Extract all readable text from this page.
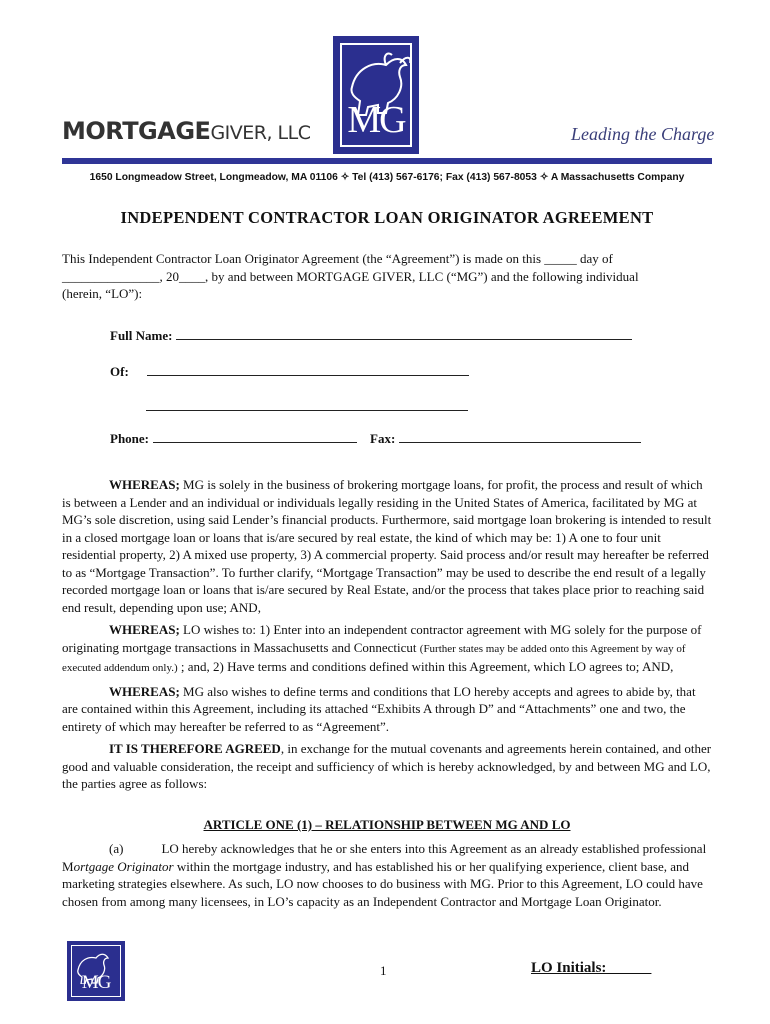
MG
MORTGAGEGIVER, LLC	Leading the Charge
1650 Longmeadow Street, Longmeadow, MA 01106 ✧ Tel (413) 567-6176; Fax (413) 567-8053 ✧ A Massachusetts Company
INDEPENDENT CONTRACTOR LOAN ORIGINATOR AGREEMENT
This Independent Contractor Loan Originator Agreement (the “Agreement”) is made on this _____ day of
_______________, 20____, by and between MORTGAGE GIVER, LLC (“MG”) and the following individual
(herein, “LO”):
Full Name:
Of:
Phone:	Fax:

WHEREAS; MG is solely in the business of brokering mortgage loans, for profit, the process and result of which is between a Lender and an individual or individuals legally residing in the United States of America, facilitated by MG at MG’s sole discretion, using said Lender’s financial products. Furthermore, said mortgage loan brokering is intended to result in a closed mortgage loan or loans that is/are secured by real estate, the kind of which may be: 1) A one to four unit residential property, 2) A mixed use property, 3) A commercial property. Said process and/or result may hereafter be referred to as “Mortgage Transaction”. To further clarify, “Mortgage Transaction” may be used to describe the end result of a legally recorded mortgage loan or loans that is/are secured by Real Estate, and/or the process that takes place prior to reaching said end result, depending upon use; AND,

WHEREAS; LO wishes to: 1) Enter into an independent contractor agreement with MG solely for the purpose of originating mortgage transactions in Massachusetts and Connecticut (Further states may be added onto this Agreement by way of executed addendum only.) ; and, 2) Have terms and conditions defined within this Agreement, which LO agrees to; AND,

WHEREAS; MG also wishes to define terms and conditions that LO hereby accepts and agrees to abide by, that are contained within this Agreement, including its attached “Exhibits A through D” and “Attachments” one and two, the entirety of which may hereafter be referred to as “Agreement”.

IT IS THEREFORE AGREED, in exchange for the mutual covenants and agreements herein contained, and other good and valuable consideration, the receipt and sufficiency of which is hereby acknowledged, by and between MG and LO, the parties agree as follows:

ARTICLE ONE (1) – RELATIONSHIP BETWEEN MG AND LO
(a)	LO hereby acknowledges that he or she enters into this Agreement as an already established professional Mortgage Originator within the mortgage industry, and has established his or her qualifying experience, client base, and marketing strategies elsewhere. As such, LO now chooses to do business with MG. Prior to this Agreement, LO could have chosen from among many licensees, in LO’s capacity as an Independent Contractor and Mortgage Loan Originator.
MG
1	LO Initials:
